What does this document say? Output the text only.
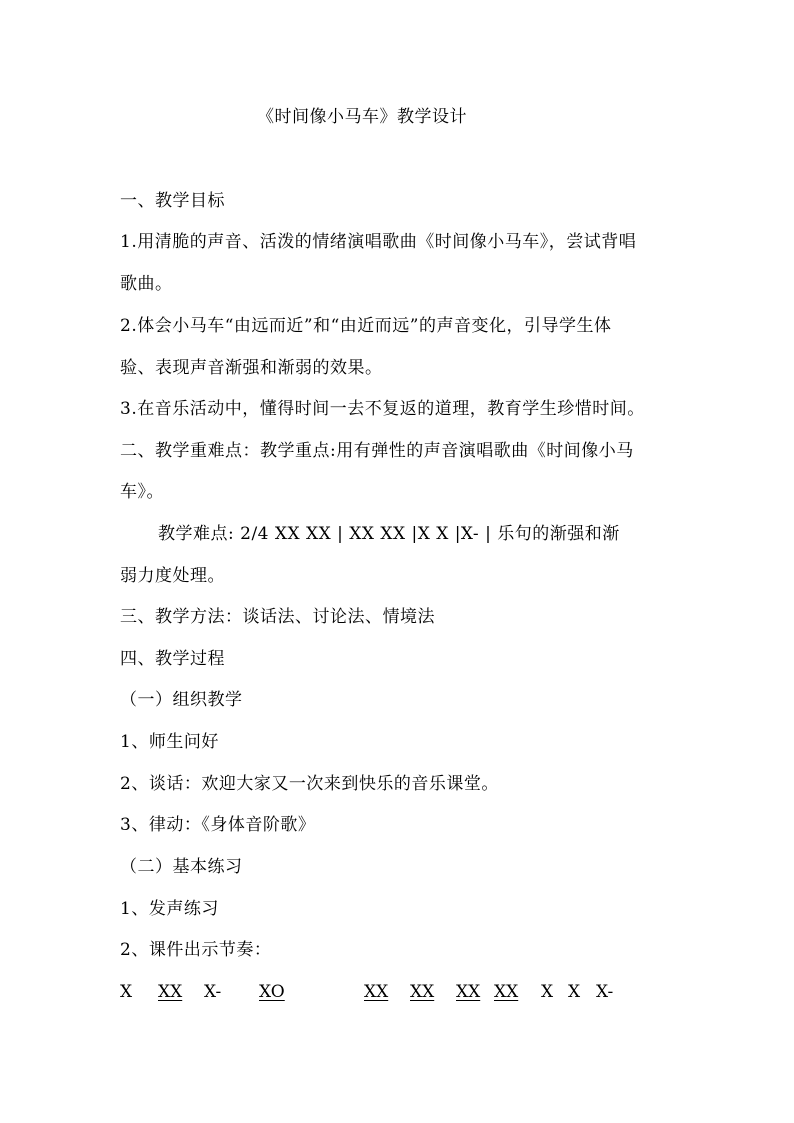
《时间像小马车》教学设计
一、教学目标
1.用清脆的声音、活泼的情绪演唱歌曲《时间像小马车》，尝试背唱
歌曲。
2.体会小马车“由远而近”和“由近而远”的声音变化，引导学生体
验、表现声音渐强和渐弱的效果。
3.在音乐活动中，懂得时间一去不复返的道理，教育学生珍惜时间。
二、教学重难点：教学重点:用有弹性的声音演唱歌曲《时间像小马
车》。
教学难点: 2/4 XX XX | XX XX |X X |X- | 乐句的渐强和渐
弱力度处理。
三、教学方法：谈话法、讨论法、情境法
四、教学过程
（一）组织教学
1、师生问好
2、谈话：欢迎大家又一次来到快乐的音乐课堂。
3、律动：《身体音阶歌》
（二）基本练习
1、发声练习
2、课件出示节奏：
X XX X- XO	XX XX XX XX X X X-
